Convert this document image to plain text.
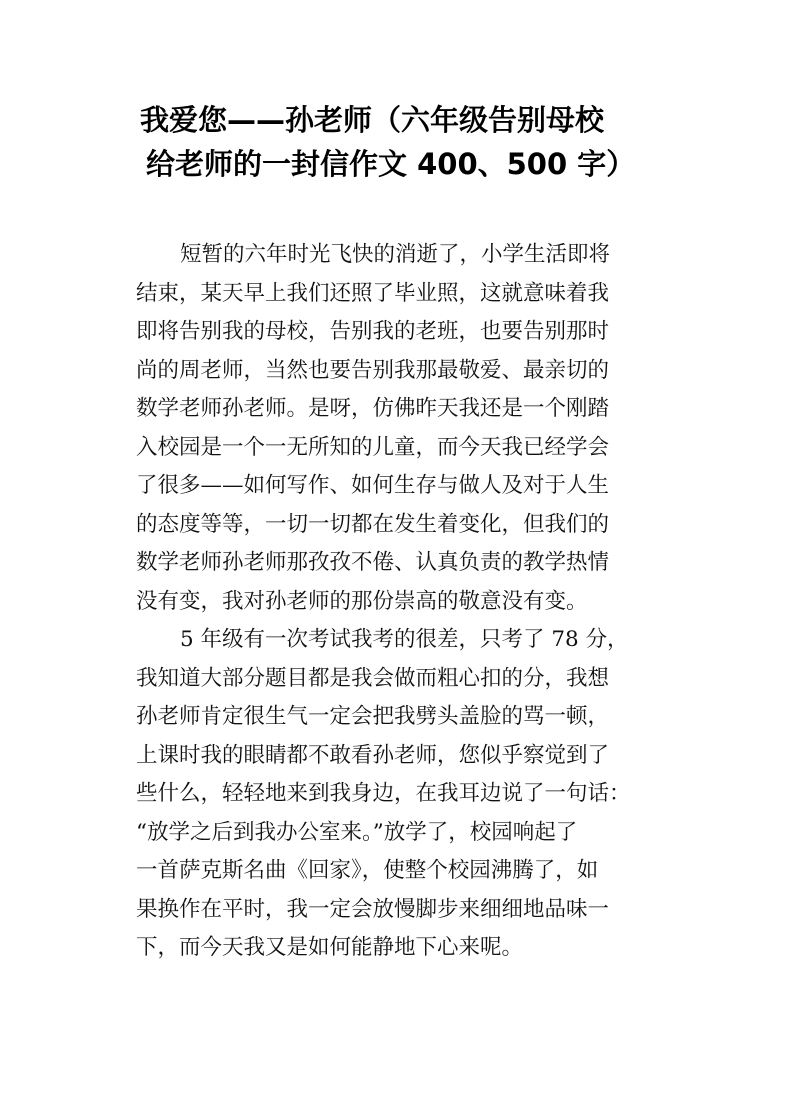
我爱您——孙老师（六年级告别母校
给老师的一封信作文 400、500 字）
短暂的六年时光飞快的消逝了，小学生活即将
结束，某天早上我们还照了毕业照，这就意味着我
即将告别我的母校，告别我的老班，也要告别那时
尚的周老师，当然也要告别我那最敬爱、最亲切的
数学老师孙老师。是呀，仿佛昨天我还是一个刚踏
入校园是一个一无所知的儿童，而今天我已经学会
了很多——如何写作、如何生存与做人及对于人生
的态度等等，一切一切都在发生着变化，但我们的
数学老师孙老师那孜孜不倦、认真负责的教学热情
没有变，我对孙老师的那份崇高的敬意没有变。
5 年级有一次考试我考的很差，只考了 78 分，
我知道大部分题目都是我会做而粗心扣的分，我想
孙老师肯定很生气一定会把我劈头盖脸的骂一顿，
上课时我的眼睛都不敢看孙老师，您似乎察觉到了
些什么，轻轻地来到我身边，在我耳边说了一句话：
“放学之后到我办公室来。”放学了，校园响起了
一首萨克斯名曲《回家》，使整个校园沸腾了，如
果换作在平时，我一定会放慢脚步来细细地品味一
下，而今天我又是如何能静地下心来呢。
